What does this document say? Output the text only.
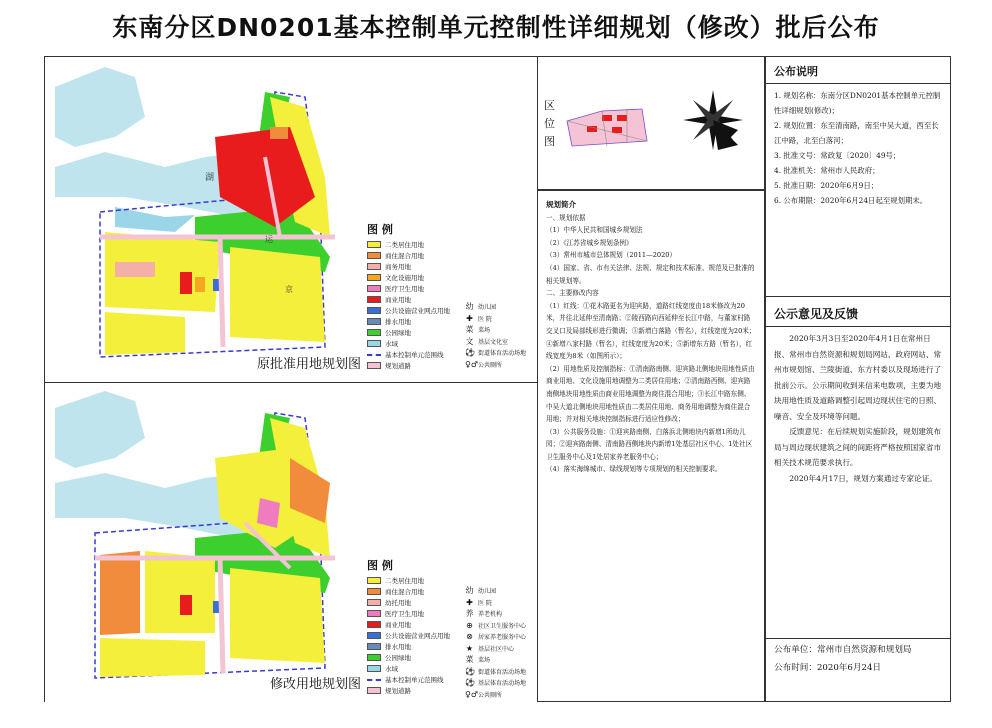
东南分区DN0201基本控制单元控制性详细规划（修改）批后公布
湖
运
京
图 例
二类居住用地
商住混合用地
商务用地
文化设施用地
医疗卫生用地
商业用地
公共设施营业网点用地
排水用地
公园绿地
水域
基本控制单元范围线
规划道路
幼 幼儿园
✚ 医 院
菜 菜场
文 基层文化室
⚽ 街道体育活动场地
♀♂ 公共厕所
原批准用地规划图
图 例
二类居住用地
商住混合用地
幼托用地
医疗卫生用地
商业用地
公共设施营业网点用地
排水用地
公园绿地
水域
基本控制单元范围线
规划道路
幼 幼儿园
✚ 医 院
养 养老机构
⊕ 社区卫生服务中心
⊗ 居家养老服务中心
★ 基层社区中心
菜 菜场
⚽ 街道体育活动场地
⚽ 基层体育活动场地
♀♂ 公共厕所
修改用地规划图
区位图

规划简介

一、规划依据

（1）中华人民共和国城乡规划法

（2）《江苏省城乡规划条例》

（3）常州市城市总体规划（2011—2020）

（4）国家、省、市有关法律、法规、规定和技术标准、规范及已批准的相关规划等。

二、主要修改内容

（1）红线：①花木路更名为迎宾路，道路红线宽度由18米修改为20米，并往北延伸至清南路；②陵西路向西延伸至长江中路，与董家村路交叉口及局部线形进行微调；③新增白落路（暂名），红线宽度为20米；④新增八家村路（暂名），红线宽度为20米；⑤新增东方路（暂名），红线宽度为8米（如图所示）；

（2）用地性质及控制指标：①清南路南侧、迎宾路北侧地块用地性质由商业用地、文化设施用地调整为二类居住用地；②清南路西侧、迎宾路南侧地块用地性质由商业用地调整为商住混合用地；③长江中路东侧、中吴大道北侧地块用地性质由二类居住用地、商务用地调整为商住混合用地；并对相关地块控制指标进行适应性修改；

（3）公共服务设施：①迎宾路南侧、白落浜北侧地块内新增1所幼儿园；②迎宾路南侧、清南路西侧地块内新增1处基层社区中心、1处社区卫生服务中心及1处居家养老服务中心；

（4）落实海绵城市、绿线规划等专项规划的相关控制要求。

公布说明

1. 规划名称：东南分区DN0201基本控制单元控制性详细规划(修改)；

2. 规划位置：东至清南路，南至中吴大道，西至长江中路，北至白落河；

3. 批准文号：常政复〔2020〕49号；

4. 批准机关：常州市人民政府；

5. 批准日期：2020年6月9日；

6. 公布期限：2020年6月24日起至规划期末。

公示意见及反馈

2020年3月3日至2020年4月1日在常州日报、常州市自然资源和规划局网站、政府网站、常州市规划馆、兰陵街道、东方村委以及现场进行了批前公示。公示期间收到来信来电数项，主要为地块用地性质及道路调整引起周边现状住宅的日照、噪音、安全及环境等问题。

反馈意见：在后续规划实施阶段，规划建筑布局与周边现状建筑之间的间距将严格按照国家省市相关技术规范要求执行。

2020年4月17日，规划方案通过专家论证。

公布单位：常州市自然资源和规划局
公布时间：2020年6月24日
